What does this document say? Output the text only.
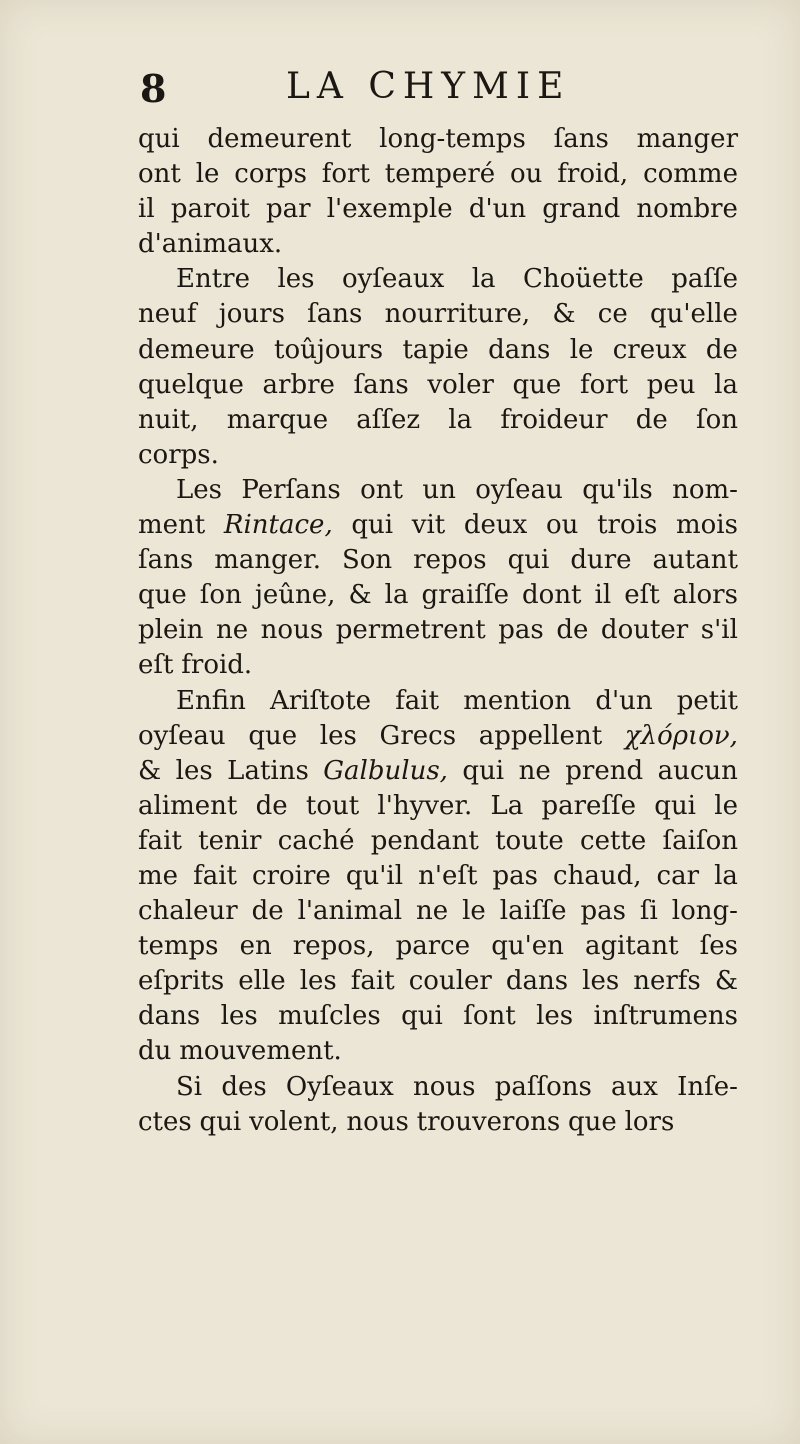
8	LA CHYMIE
qui demeurent long-temps ſans manger
ont le corps fort temperé ou froid, comme
il paroit par l'exemple d'un grand nombre
d'animaux.
Entre les oyſeaux la Choüette paſſe
neuf jours ſans nourriture, & ce qu'elle
demeure toûjours tapie dans le creux de
quelque arbre ſans voler que fort peu la
nuit, marque aſſez la froideur de ſon
corps.
Les Perſans ont un oyſeau qu'ils nom-
ment Rintace, qui vit deux ou trois mois
ſans manger. Son repos qui dure autant
que ſon jeûne, & la graiſſe dont il eſt alors
plein ne nous permetrent pas de douter s'il
eſt froid.
Enfin Ariſtote fait mention d'un petit
oyſeau que les Grecs appellent χλόριον,
& les Latins Galbulus, qui ne prend aucun
aliment de tout l'hyver. La pareſſe qui le
fait tenir caché pendant toute cette ſaiſon
me fait croire qu'il n'eſt pas chaud, car la
chaleur de l'animal ne le laiſſe pas ſi long-
temps en repos, parce qu'en agitant ſes
eſprits elle les fait couler dans les nerfs &
dans les muſcles qui ſont les inſtrumens
du mouvement.
Si des Oyſeaux nous paſſons aux Inſe-
ctes qui volent, nous trouverons que lors
